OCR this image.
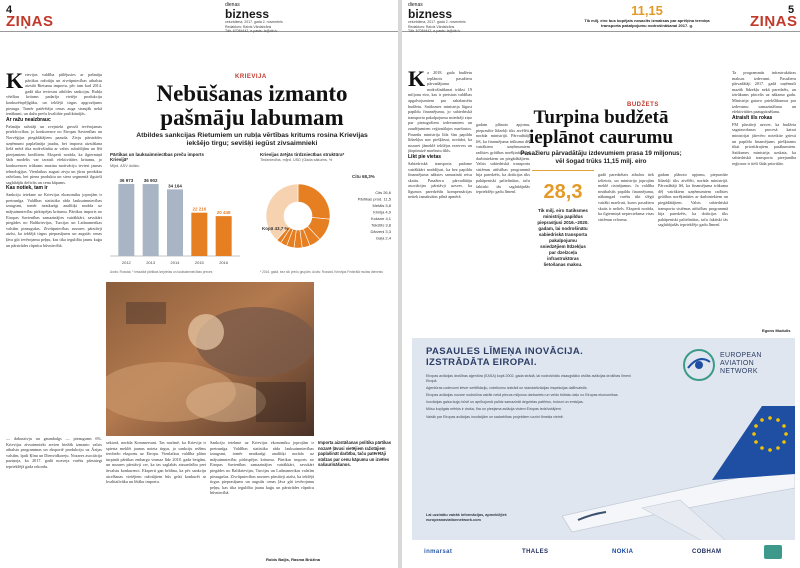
4
ZIŅAS
dienas
bizness
ceturtdiena, 2017. gada 2. novembris
Redaktors: Raivis Vārdsbrāns
Tālr. 67084442, e-pasts: lz@db.lv
K rievijas valdība pūlējusies ar pašmāju pārtikas ražotāju un zivrūpniecības atbalstu aizstāt Rietumu importu, pēc tam kad 2014. gadā tika ieviestas atbildes sankcijas. Rubļa vērtības kritums padarīja vietējo produkciju konkurētspējīgāku, un iekšējā tirgus apgrozījums pieauga. Tomēr patērētāju cenas auga straujāk nekā ienākumi, un dažu preču kvalitāte pasliktinājās.
Ar ražu neaizbrauc
Pašmāju ražotāji un zvejnieki guvuši ievērojamas priekšrocības, jo konkurence no Eiropas Savienības un Norvēģijas piegādātājiem pazuda. Zivju pārstrādes uzņēmumi paplašināja jaudas, bet importa aizstāšana lielā mērā tika nodrošināta ar valsts subsīdijām un lēti pieejamiem kredītiem. Eksperti norāda, ka ilgtermiņā šāds modelis var izraisīt efektivitātes kritumu, jo konkurences trūkums mazina motivāciju ieviest jaunas tehnoloģijas. Vienlaikus augusi zivju un jūras produktu ražošana, bet piena produktu un siera segmentā ilgstoši saglabājās deficīts un cenu kāpums.
Kas notiek, tam ir
Sankciju ietekme uz Krievijas ekonomiku joprojām ir pretrunīga. Valdības statistika rāda lauksaimniecības izaugsmi, tomēr neatkarīgi analītiķi norāda uz mājsaimniecību pirktspējas kritumu. Pārtikas imports no Eiropas Savienības samazinājies vairākkārt, savukārt piegādes no Baltkrievijas, Turcijas un Latīnamerikas valstīm pieaugušas. Zivrūpniecības nozares pārstāvji atzīst, ka iekšējā tirgus pieprasījums un augstās cenas ļāva gūt ievērojamu peļņu, kas tika ieguldīta jaunu kuģu un pārstrādes rūpnīcu būvniecībā.
— dabaszivju un gaumbalgs — pieaugums 6%. Krievijas zivsaimnieki arvien biežāk izmanto valsts atbalsta programmas un eksportē produkciju uz Āzijas valstīm, īpaši Ķīnu un Dienvidkoreju. Nozares asociācija paziņoja, ka 2017. gadā nozveja varētu pārsniegt iepriekšējā gada rekordu.
KRIEVIJA
Nebūšanas izmanto
pašmāju labumam
Atbildes sankcijas Rietumiem un rubļa vērtības kritums rosina Krievijas
iekšējo tirgu; sevišķi iegūst zivsaimnieki
Pārtikas un lauksaimniecības preču imports Krievijā*
Mljrd. ASV dolāru
36 973
2012
36 902
2013
34 164
2014
22 216
2015
20 448
2016
Avots: Rosstat. * Ieskaitot pārtikas izejvielas un lauksaimniecības preces
Krievijas ārējās tirdzniecības struktūra*
Tirdzniecība, mljrd. USD (Gada sākums, %
Citu 68,3%
Kopā 43,7 %
Cits 26,6
Pārtikas prod. 11,5
Metāls 5,8
Ķīmija 4,0
Koksne 4,1
Tekstils 3,8
Dārzeņi 3,3
Gaļa 2,4
* 2016. gadā, bez sīk preču grupām. Avots: Rosstat, Krievijas Federālā muitas dienests
Importa aizstāšanas politika pārtikas nozarē ļāvusi vietējiem ražotājiem paplašināt darbību, taču patērētāji sūdzas par cenu kāpumu un izvēles sašaurināšanos.
sektorā, norāda Kommersant. Tas nozīmē, ka Krievija ir spiesta meklēt jaunus noieta tirgus, jo sankciju režīms ierobežo eksportu uz Eiropu. Vienlaikus valdība plāno turpināt pārtikas embargo vismaz līdz 2018. gada beigām, un nozares pārstāvji cer, ka tas saglabās aizsardzību pret ārvalstu konkurenci. Eksperti gan brīdina, ka pēc sankciju atcelšanas vietējiem ražotājiem būs grūti konkurēt ar kvalitatīvāku un lētāku importu.
Sankciju ietekme uz Krievijas ekonomiku joprojām ir pretrunīga. Valdības statistika rāda lauksaimniecības izaugsmi, tomēr neatkarīgi analītiķi norāda uz mājsaimniecību pirktspējas kritumu. Pārtikas imports no Eiropas Savienības samazinājies vairākkārt, savukārt piegādes no Baltkrievijas, Turcijas un Latīnamerikas valstīm pieaugušas. Zivrūpniecības nozares pārstāvji atzīst, ka iekšējā tirgus pieprasījums un augstās cenas ļāva gūt ievērojamu peļņu, kas tika ieguldīta jaunu kuģu un pārstrādes rūpnīcu būvniecībā.
Robis Baljis, Rasma Brūžina
dienas
bizness
ceturtdiena, 2017. gada 2. novembris
Redaktors: Raivis Vārdsbrāns
Tālr. 67084442, e-pasts: lz@db.lv
11,15
Tik milj. eiro bus kopējais nosacīts izmaksas par aprēķina termiņa
transporta pakalpojumu nodrošināšanai 2017. g.
5
ZIŅAS
K a 2018. gada budžetu ieplānots pasažieru pārvadājumu nodrošināšanai trūkst 19 miljonu eiro, kas ir pretstats valdības apgalvojumiem par sabalansētu budžetu. Satiksmes ministrija lūgusi papildu finansējumu, jo sabiedriskā transporta pakalpojumu sniedzēji ziņo par pieaugošiem izdevumiem un zaudējumiem reģionālajos maršrutos. Finanšu ministrija līdz šim papildu līdzekļus nav piešķīrusi, norādot, ka nozarei jāmeklē iekšējas rezerves un jāoptimizē maršrutu tīkls.
Likt pie vietas
Sabiedriskā transporta padome vairākkārt norādījusi, ka bez papildu finansējuma nāksies samazināt reisu skaitu. Pasažieru pārvadātāju asociācijas pārstāvji uzsver, ka līgumos paredzētās kompensācijas netiek izmaksātas pilnā apmērā.
gadam plānoto apjomu, pieprasītie līdzekļi tiks atvēlēti, norāda ministrijā. Pārvadātāji lēš, ka finansējuma trūkuma dēļ vairākiem uzņēmumiem radīsies grūtības norēķināties ar darbiniekiem un piegādātājiem. Valsts sabiedriskā transporta sistēmas attīstības programmā bija paredzēts, ka dotācijas tiks pakāpeniski palielinātas, taču faktiski tās saglabājušās iepriekšējo gadu līmenī.
BUDŽETS
Turpina budžetā
ieplānot caurumu
Pasažieru pārvadātāju izdevumiem prasa 19 miljonus;
vēl šogad trūks 11,15 milj. eiro
28,3
Tik milj. eiro Satiksmes ministrija papildus pieprasījusi 2016.–2020. gadam, lai nodrošinātu sabiedriskā transporta pakalpojumu sniedzējiem līdzekļus par dzelzceļa infrastruktūras lietošanas maksu.
gadā paredzētais atbalsts tiek izlietots, un ministrija joprojām meklē risinājumus. Ja valdība neatbalstīs papildu finansējumu, nākamgad varētu tikt slēgti vairāki maršruti, kuros pasažieru skaits ir neliels. Eksperti norāda, ka ilgtermiņā nepieciešama visas sistēmas reforma.
gadam plānoto apjomu, pieprasītie līdzekļi tiks atvēlēti, norāda ministrijā. Pārvadātāji lēš, ka finansējuma trūkuma dēļ vairākiem uzņēmumiem radīsies grūtības norēķināties ar darbiniekiem un piegādātājiem. Valsts sabiedriskā transporta sistēmas attīstības programmā bija paredzēts, ka dotācijas tiks pakāpeniski palielinātas, taču faktiski tās saglabājušās iepriekšējo gadu līmenī.
Ta programmās infrastruktūras maksas izdevumi. Pasažieru pārvadātāji 2017. gadā saņēmuši mazāk līdzekļu nekā paredzēts, un iztrūkums pārcelts uz nākamo gadu. Ministrija gatavo priekšlikumus par izdevumu samazināšanu un efektivitātes paaugstināšanu.
Atraisīt šīs rokas
FM pārstāvji uzsver, ka budžeta sagatavošanas procesā katrai ministrijai jāievēro noteiktie griesti un papildu finansējums piešķirams tikai prioritārajiem pasākumiem. Satiksmes ministrija uzskata, ka sabiedriskā transporta pieejamība reģionos ir tieši šāda prioritāte.
Egons Mudulis
PASAULES LĪMEŅA INOVĀCIJA.
IZSTRĀDĀTA EIROPAI.

Eiropas aviācijas drošības aģentūra (EASA) kopš 2002. gada strādā, lai nodrošinātu visaugstāko civilās aviācijas drošības līmeni Eiropā.

Aģentūras uzdevumi ietver sertifikāciju, noteikumu izstrādi un standartizācijas inspekcijas dalībvalstīs.

Eiropas aviācijas nozare nodrošina vairāk nekā piecus miljonus darbavietu un veido būtisku daļu no Eiropas ekonomikas.

Inovācijas gaisa kuģu būvē un aprīkojumā palīdz samazināt degvielas patēriņu, troksni un emisijas.

Mūsu kopīgais mērķis ir droša, tīra un pieejama aviācija visiem Eiropas iedzīvotājiem.

Vairāk par Eiropas aviācijas inovācijām un sadarbības projektiem uzzini tīmekļa vietnē.

Lai uzzinātu vairāk informācijas, apmeklējiet:
europeanaviationnetwork.com
EUROPEAN
AVIATION
NETWORK
inmarsat	THALES	NOKIA	COBHAM
